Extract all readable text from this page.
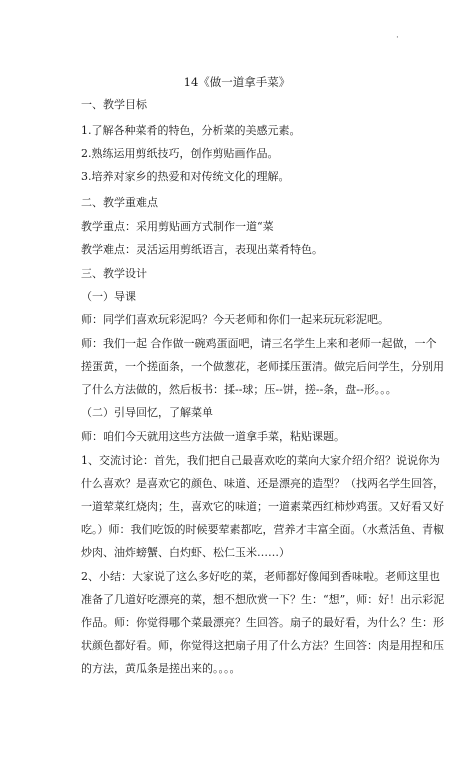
·
14《做一道拿手菜》
一、教学目标
1.了解各种菜肴的特色，分析菜的美感元素。
2.熟练运用剪纸技巧，创作剪贴画作品。
3.培养对家乡的热爱和对传统文化的理解。
二、教学重难点
教学重点：采用剪贴画方式制作一道“菜
教学难点：灵活运用剪纸语言，表现出菜肴特色。
三、教学设计
（一）导课
师：同学们喜欢玩彩泥吗？今天老师和你们一起来玩玩彩泥吧。
师：我们一起 合作做一碗鸡蛋面吧，请三名学生上来和老师一起做，一个
搓蛋黄，一个搓面条，一个做葱花，老师揉压蛋清。做完后问学生，分别用
了什么方法做的，然后板书：揉--球；压--饼，搓--条，盘--形。。。
（二）引导回忆，了解菜单
师：咱们今天就用这些方法做一道拿手菜，粘贴课题。
1、交流讨论：首先，我们把自己最喜欢吃的菜向大家介绍介绍？说说你为
什么喜欢？是喜欢它的颜色、味道、还是漂亮的造型？（找两名学生回答，
一道荤菜红烧肉；生，喜欢它的味道；一道素菜西红柿炒鸡蛋。又好看又好
吃。）师：我们吃饭的时候要荤素都吃，营养才丰富全面。（水煮活鱼、青椒
炒肉、油炸螃蟹、白灼虾、松仁玉米……）
2、小结：大家说了这么多好吃的菜，老师都好像闻到香味啦。老师这里也
准备了几道好吃漂亮的菜，想不想欣赏一下？生：“想”，师：好！出示彩泥
作品。师：你觉得哪个菜最漂亮？生回答。扇子的最好看，为什么？生：形
状颜色都好看。师，你觉得这把扇子用了什么方法？生回答：肉是用捏和压
的方法，黄瓜条是搓出来的。。。。
